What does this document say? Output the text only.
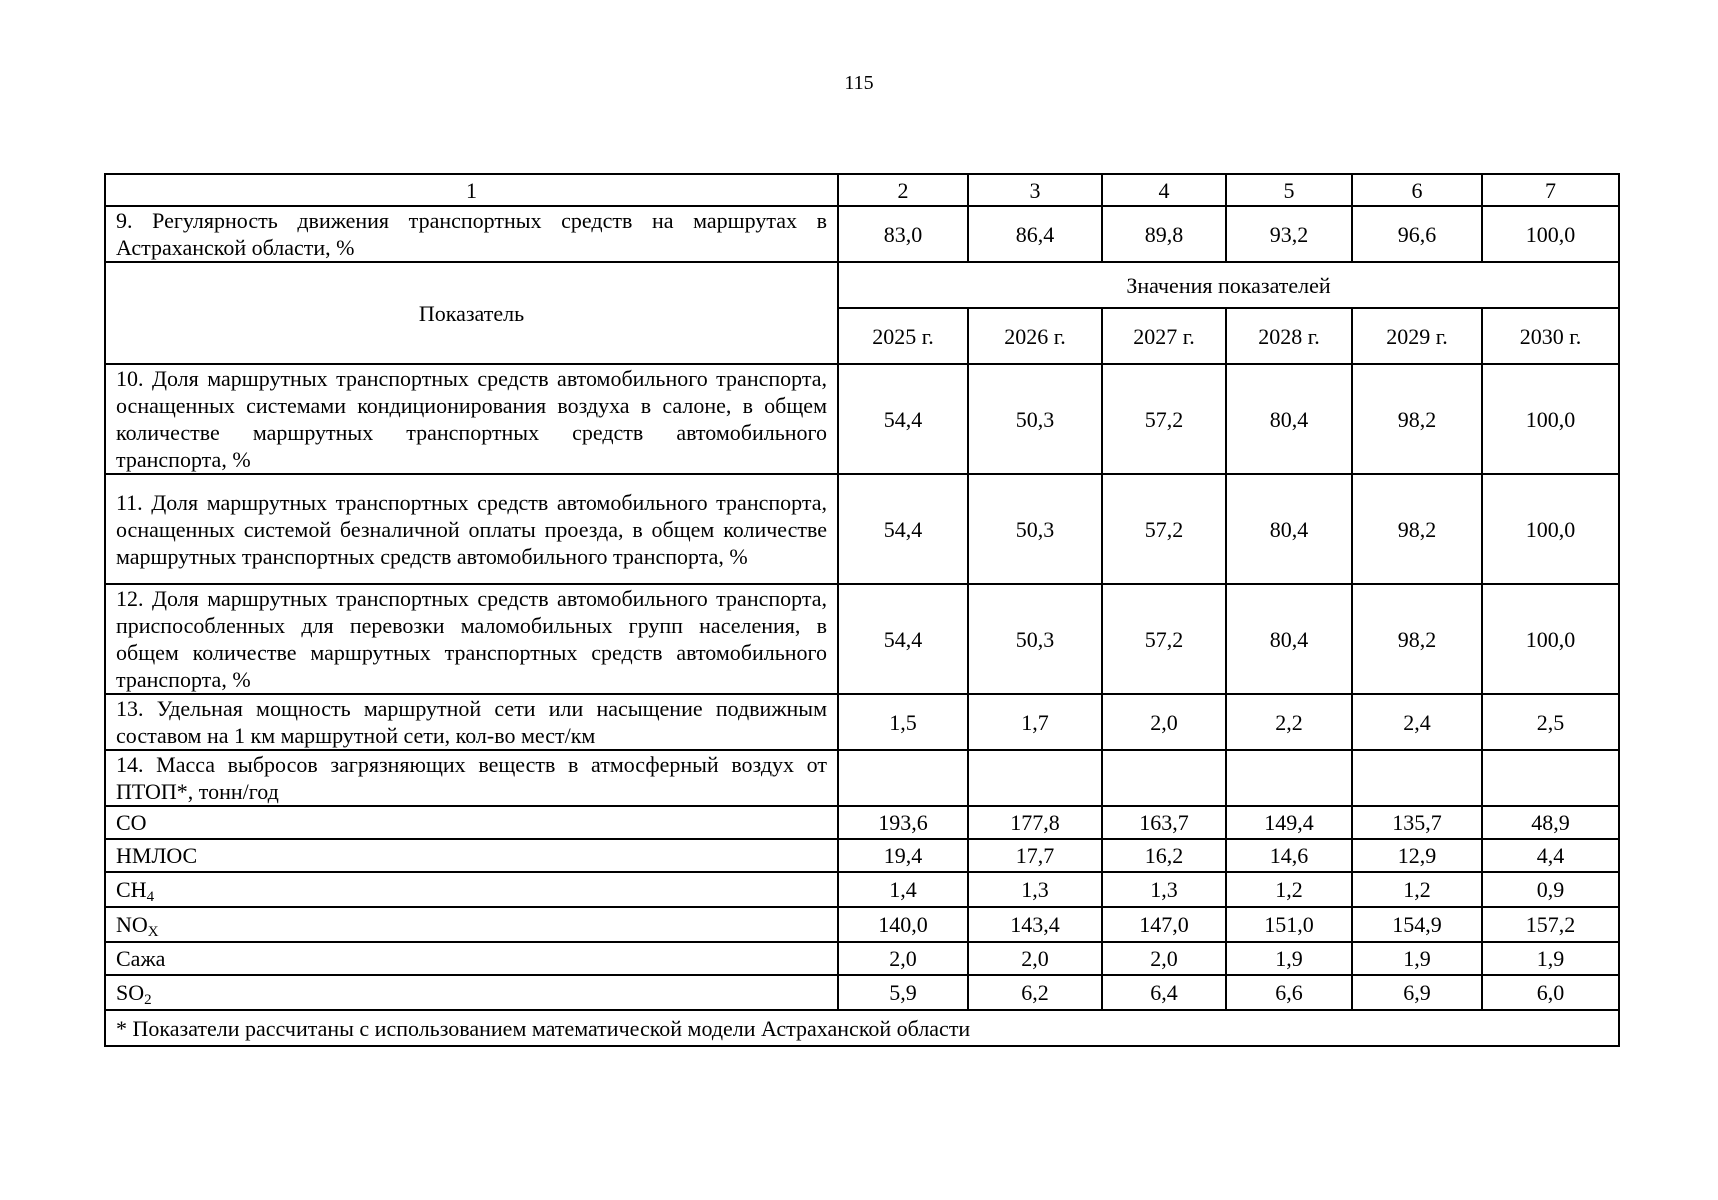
115
1	2	3	4	5	6	7
9. Регулярность движения транспортных средств на маршрутах в Астраханской области, %	83,0	86,4	89,8	93,2	96,6	100,0
Показатель	Значения показателей					
	2025 г.	2026 г.	2027 г.	2028 г.	2029 г.	2030 г.
10. Доля маршрутных транспортных средств автомобильного транспорта, оснащенных системами кондиционирования воздуха в салоне, в общем количестве маршрутных транспортных средств автомобильного транспорта, %	54,4	50,3	57,2	80,4	98,2	100,0
11. Доля маршрутных транспортных средств автомобильного транспорта, оснащенных системой безналичной оплаты проезда, в общем количестве маршрутных транспортных средств автомобильного транспорта, %	54,4	50,3	57,2	80,4	98,2	100,0
12. Доля маршрутных транспортных средств автомобильного транспорта, приспособленных для перевозки маломобильных групп населения, в общем количестве маршрутных транспортных средств автомобильного транспорта, %	54,4	50,3	57,2	80,4	98,2	100,0
13. Удельная мощность маршрутной сети или насыщение подвижным составом на 1 км маршрутной сети, кол-во мест/км	1,5	1,7	2,0	2,2	2,4	2,5
14. Масса выбросов загрязняющих веществ в атмосферный воздух от ПТОП*, тонн/год						
CO	193,6	177,8	163,7	149,4	135,7	48,9
НМЛОС	19,4	17,7	16,2	14,6	12,9	4,4
$CH_4$	1,4	1,3	1,3	1,2	1,2	0,9
$NO_X$	140,0	143,4	147,0	151,0	154,9	157,2
Сажа	2,0	2,0	2,0	1,9	1,9	1,9
$SO_2$	5,9	6,2	6,4	6,6	6,9	6,0
* Показатели рассчитаны с использованием математической модели Астраханской области						
